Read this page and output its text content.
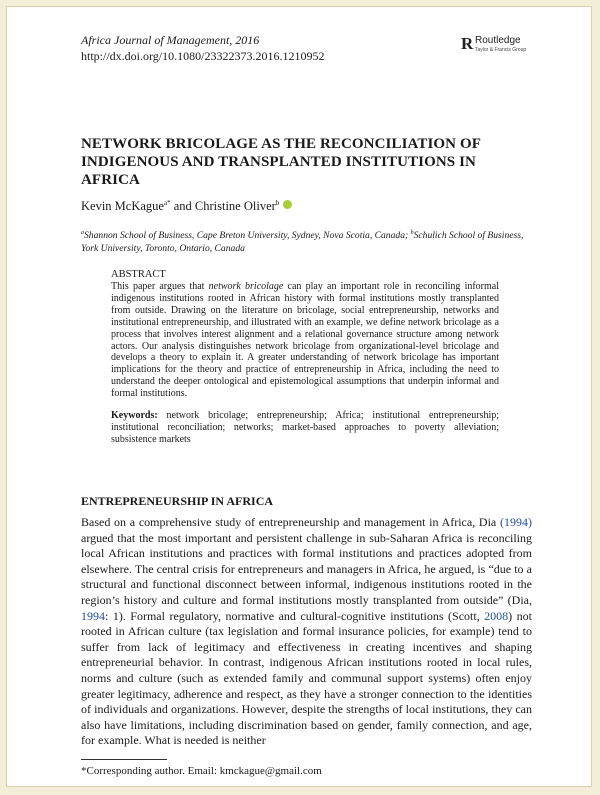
Africa Journal of Management, 2016
http://dx.doi.org/10.1080/23322373.2016.1210952
R Routledge
Taylor & Francis Group
NETWORK BRICOLAGE AS THE RECONCILIATION OF INDIGENOUS AND TRANSPLANTED INSTITUTIONS IN AFRICA
Kevin McKague$^{a*}$ and Christine Oliver$^b$
$^a$Shannon School of Business, Cape Breton University, Sydney, Nova Scotia, Canada; $^b$Schulich School of Business, York University, Toronto, Ontario, Canada
ABSTRACT
This paper argues that network bricolage can play an important role in reconciling informal indigenous institutions rooted in African history with formal institutions mostly transplanted from outside. Drawing on the literature on bricolage, social entrepreneurship, networks and institutional entrepreneurship, and illustrated with an example, we define network bricolage as a process that involves interest alignment and a relational governance structure among network actors. Our analysis distinguishes network bricolage from organizational-level bricolage and develops a theory to explain it. A greater understanding of network bricolage has important implications for the theory and practice of entrepreneurship in Africa, including the need to understand the deeper ontological and epistemological assumptions that underpin informal and formal institutions.
Keywords: network bricolage; entrepreneurship; Africa; institutional entrepreneurship; institutional reconciliation; networks; market-based approaches to poverty alleviation; subsistence markets
ENTREPRENEURSHIP IN AFRICA
Based on a comprehensive study of entrepreneurship and management in Africa, Dia (1994) argued that the most important and persistent challenge in sub-Saharan Africa is reconciling local African institutions and practices with formal institutions and practices adopted from elsewhere. The central crisis for entrepreneurs and managers in Africa, he argued, is “due to a structural and functional disconnect between informal, indigenous institutions rooted in the region’s history and culture and formal institutions mostly transplanted from outside” (Dia, 1994: 1). Formal regulatory, normative and cultural-cognitive institutions (Scott, 2008) not rooted in African culture (tax legislation and formal insurance policies, for example) tend to suffer from lack of legitimacy and effectiveness in creating incentives and shaping entrepreneurial behavior. In contrast, indigenous African institutions rooted in local rules, norms and culture (such as extended family and communal support systems) often enjoy greater legitimacy, adherence and respect, as they have a stronger connection to the identities of individuals and organizations. However, despite the strengths of local institutions, they can also have limitations, including discrimination based on gender, family connection, and age, for example. What is needed is neither
*Corresponding author. Email: kmckague@gmail.com
